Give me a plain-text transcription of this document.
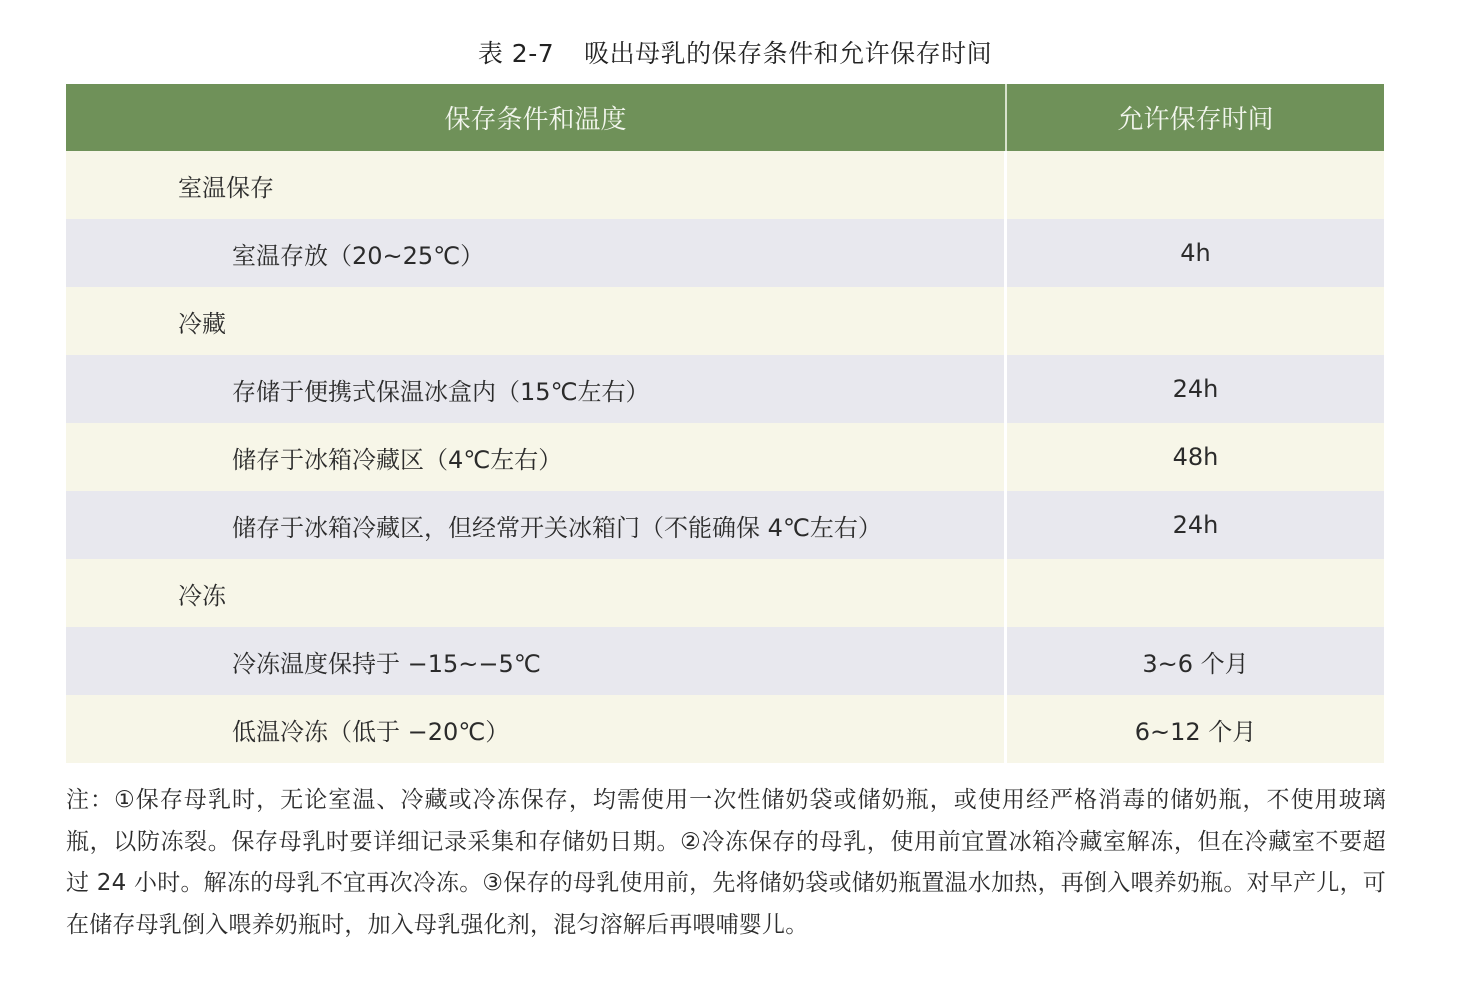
表 2-7 吸出母乳的保存条件和允许保存时间
保存条件和温度	允许保存时间
室温保存
室温存放（20~25℃）	4h
冷藏
存储于便携式保温冰盒内（15℃左右）	24h
储存于冰箱冷藏区（4℃左右）	48h
储存于冰箱冷藏区，但经常开关冰箱门（不能确保 4℃左右）	24h
冷冻
冷冻温度保持于 −15~−5℃	3~6 个月
低温冷冻（低于 −20℃）	6~12 个月
注：①保存母乳时，无论室温、冷藏或冷冻保存，均需使用一次性储奶袋或储奶瓶，或使用经严格消毒的储奶瓶，不使用玻璃瓶，以防冻裂。保存母乳时要详细记录采集和存储奶日期。②冷冻保存的母乳，使用前宜置冰箱冷藏室解冻，但在冷藏室不要超过 24 小时。解冻的母乳不宜再次冷冻。③保存的母乳使用前，先将储奶袋或储奶瓶置温水加热，再倒入喂养奶瓶。对早产儿，可在储存母乳倒入喂养奶瓶时，加入母乳强化剂，混匀溶解后再喂哺婴儿。
